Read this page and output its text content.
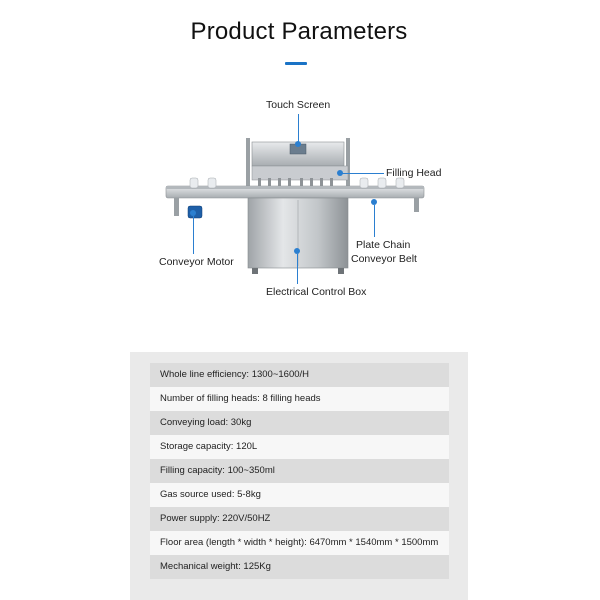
Product Parameters
Touch Screen
Filling Head
Conveyor Motor
Plate Chain
Conveyor Belt
Electrical Control Box
Whole line efficiency: 1300~1600/H
Number of filling heads: 8 filling heads
Conveying load: 30kg
Storage capacity: 120L
Filling capacity: 100~350ml
Gas source used: 5-8kg
Power supply: 220V/50HZ
Floor area (length * width * height): 6470mm * 1540mm * 1500mm
Mechanical weight: 125Kg
